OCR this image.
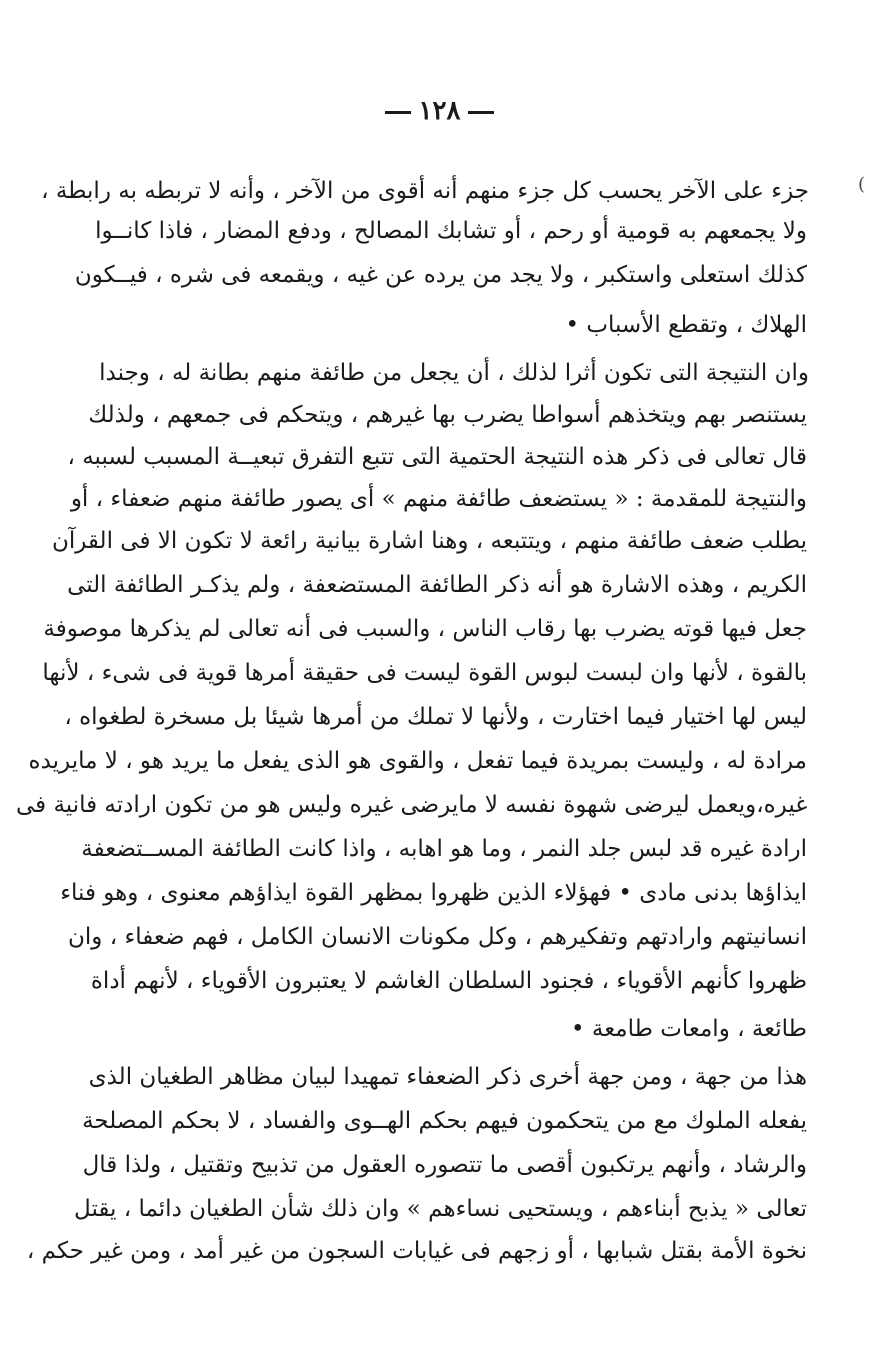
١٢٨
(
جزء على الآخر يحسب كل جزء منهم أنه أقوى من الآخر ، وأنه لا تربطه به رابطة ،
ولا يجمعهم به قومية أو رحم ، أو تشابك المصالح ، ودفع المضار ، فاذا كانــوا
كذلك استعلى واستكبر ، ولا يجد من يرده عن غيه ، ويقمعه فى شره ، فيــكون
الهلاك ، وتقطع الأسباب •
وان النتيجة التى تكون أثرا لذلك ، أن يجعل من طائفة منهم بطانة له ، وجندا
يستنصر بهم ويتخذهم أسواطا يضرب بها غيرهم ، ويتحكم فى جمعهم ، ولذلك
قال تعالى فى ذكر هذه النتيجة الحتمية التى تتبع التفرق تبعيــة المسبب لسببه ،
والنتيجة للمقدمة : « يستضعف طائفة منهم » أى يصور طائفة منهم ضعفاء ، أو
يطلب ضعف طائفة منهم ، ويتتبعه ، وهنا اشارة بيانية رائعة لا تكون الا فى القرآن
الكريم ، وهذه الاشارة هو أنه ذكر الطائفة المستضعفة ، ولم يذكـر الطائفة التى
جعل فيها قوته يضرب بها رقاب الناس ، والسبب فى أنه تعالى لم يذكرها موصوفة
بالقوة ، لأنها وان لبست لبوس القوة ليست فى حقيقة أمرها قوية فى شىء ، لأنها
ليس لها اختيار فيما اختارت ، ولأنها لا تملك من أمرها شيئا بل مسخرة لطغواه ،
مرادة له ، وليست بمريدة فيما تفعل ، والقوى هو الذى يفعل ما يريد هو ، لا مايريده
غيره،ويعمل ليرضى شهوة نفسه لا مايرضى غيره وليس هو من تكون ارادته فانية فى
ارادة غيره قد لبس جلد النمر ، وما هو اهابه ، واذا كانت الطائفة المســتضعفة
ايذاؤها بدنى مادى • فهؤلاء الذين ظهروا بمظهر القوة ايذاؤهم معنوى ، وهو فناء
انسانيتهم وارادتهم وتفكيرهم ، وكل مكونات الانسان الكامل ، فهم ضعفاء ، وان
ظهروا كأنهم الأقوياء ، فجنود السلطان الغاشم لا يعتبرون الأقوياء ، لأنهم أداة
طائعة ، وامعات طامعة •
هذا من جهة ، ومن جهة أخرى ذكر الضعفاء تمهيدا لبيان مظاهر الطغيان الذى
يفعله الملوك مع من يتحكمون فيهم بحكم الهــوى والفساد ، لا بحكم المصلحة
والرشاد ، وأنهم يرتكبون أقصى ما تتصوره العقول من تذبيح وتقتيل ، ولذا قال
تعالى « يذبح أبناءهم ، ويستحيى نساءهم » وان ذلك شأن الطغيان دائما ، يقتل
نخوة الأمة بقتل شبابها ، أو زجهم فى غيابات السجون من غير أمد ، ومن غير حكم ،
